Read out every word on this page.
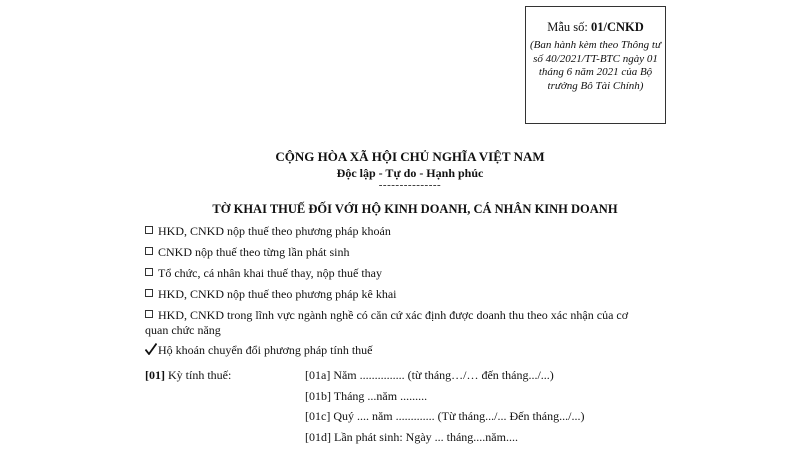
Mẫu số: 01/CNKD
(Ban hành kèm theo Thông tư số 40/2021/TT-BTC ngày 01 tháng 6 năm 2021 của Bộ trưởng Bô Tài Chính)
CỘNG HÒA XÃ HỘI CHỦ NGHĨA VIỆT NAM
Độc lập - Tự do - Hạnh phúc
---------------
TỜ KHAI THUẾ ĐỐI VỚI HỘ KINH DOANH, CÁ NHÂN KINH DOANH
HKD, CNKD nộp thuế theo phương pháp khoán
CNKD nộp thuế theo từng lần phát sinh
Tổ chức, cá nhân khai thuế thay, nộp thuế thay
HKD, CNKD nộp thuế theo phương pháp kê khai
HKD, CNKD trong lĩnh vực ngành nghề có căn cứ xác định được doanh thu theo xác nhận của cơ quan chức năng
Hộ khoán chuyển đổi phương pháp tính thuế
[01] Kỳ tính thuế:	[01a] Năm ............... (từ tháng…/… đến tháng.../...)
[01b] Tháng ...năm .........
[01c] Quý .... năm ............. (Từ tháng.../... Đến tháng.../...)
[01d] Lần phát sinh: Ngày ... tháng....năm....
